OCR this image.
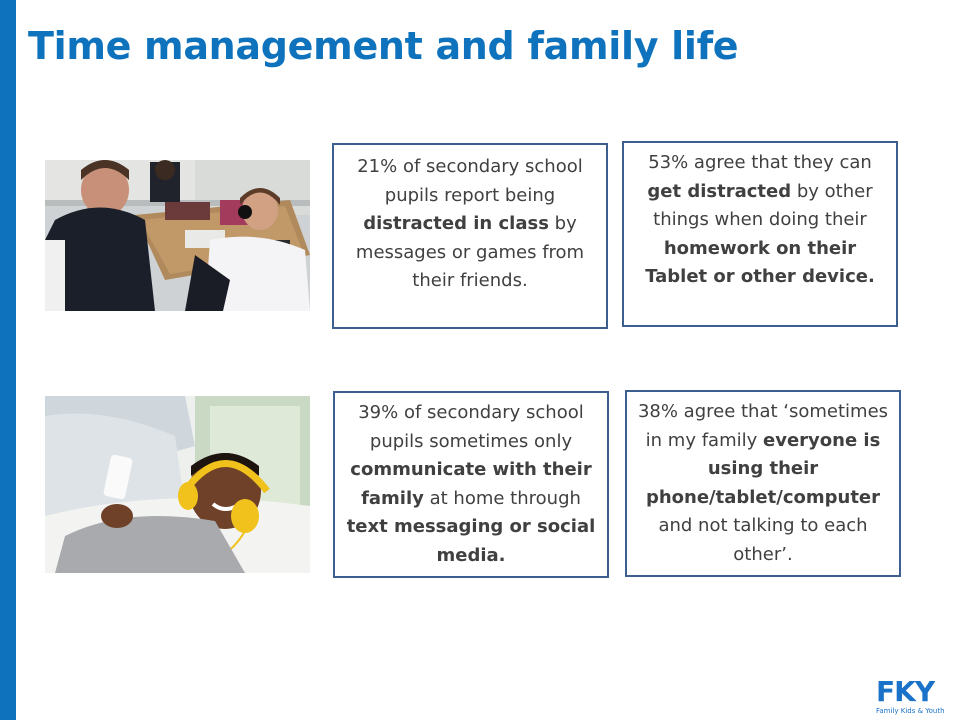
Time management and family life
21% of secondary school pupils report being distracted in class by messages or games from their friends.
53% agree that they can get distracted by other things when doing their homework on their Tablet or other device.
39% of secondary school pupils sometimes only communicate with their family at home through text messaging or social media.
38% agree that ‘sometimes in my family everyone is using their phone/tablet/computer and not talking to each other’.
FKY
Family Kids & Youth
